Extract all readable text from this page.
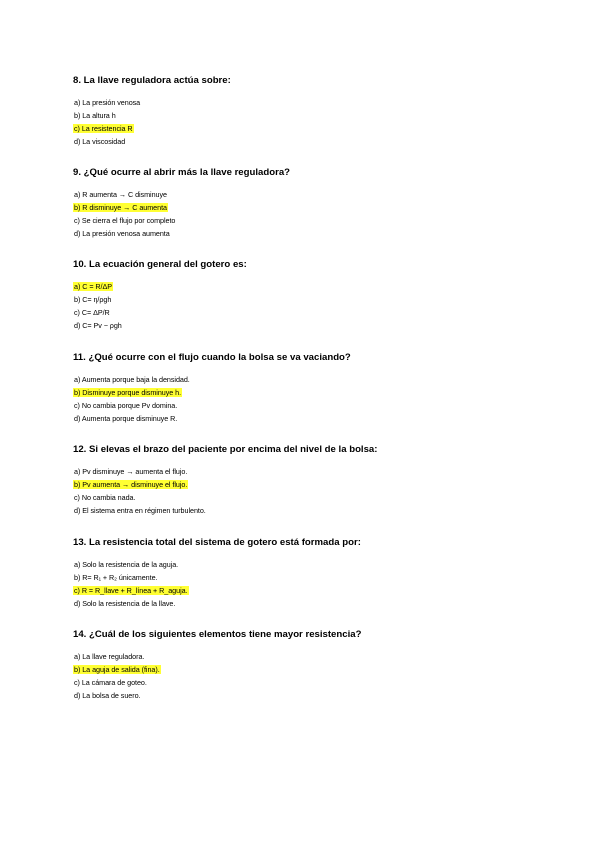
8. La llave reguladora actúa sobre:

a) La presión venosa
b) La altura h
c) La resistencia R
d) La viscosidad

9. ¿Qué ocurre al abrir más la llave reguladora?

a) R aumenta → C disminuye
b) R disminuye → C aumenta
c) Se cierra el flujo por completo
d) La presión venosa aumenta

10. La ecuación general del gotero es:

a) C = R/ΔP
b) C= η/ρgh
c) C= ΔP/R
d) C= Pv − ρgh

11. ¿Qué ocurre con el flujo cuando la bolsa se va vaciando?

a) Aumenta porque baja la densidad.
b) Disminuye porque disminuye h.
c) No cambia porque Pv domina.
d) Aumenta porque disminuye R.

12. Si elevas el brazo del paciente por encima del nivel de la bolsa:

a) Pv disminuye → aumenta el flujo.
b) Pv aumenta → disminuye el flujo.
c) No cambia nada.
d) El sistema entra en régimen turbulento.

13. La resistencia total del sistema de gotero está formada por:

a) Solo la resistencia de la aguja.
b) R= R₁ + R₂ únicamente.
c) R = R_llave + R_línea + R_aguja.
d) Solo la resistencia de la llave.

14. ¿Cuál de los siguientes elementos tiene mayor resistencia?

a) La llave reguladora.
b) La aguja de salida (fina).
c) La cámara de goteo.
d) La bolsa de suero.
